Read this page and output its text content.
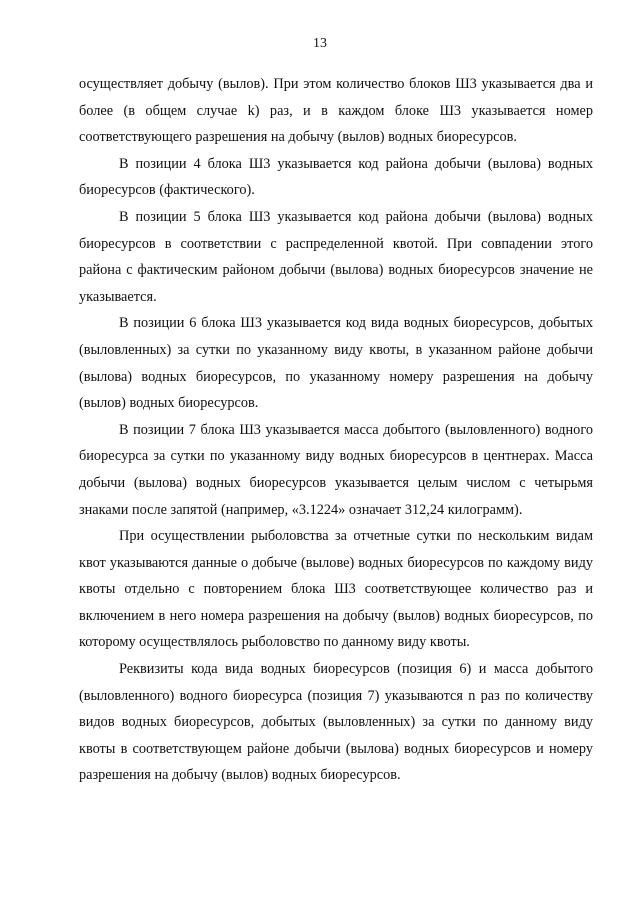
13

осуществляет добычу (вылов). При этом количество блоков Ш3 указывается два и более (в общем случае k) раз, и в каждом блоке Ш3 указывается номер соответствующего разрешения на добычу (вылов) водных биоресурсов.

В позиции 4 блока Ш3 указывается код района добычи (вылова) водных биоресурсов (фактического).

В позиции 5 блока Ш3 указывается код района добычи (вылова) водных биоресурсов в соответствии с распределенной квотой. При совпадении этого района с фактическим районом добычи (вылова) водных биоресурсов значение не указывается.

В позиции 6 блока Ш3 указывается код вида водных биоресурсов, добытых (выловленных) за сутки по указанному виду квоты, в указанном районе добычи (вылова) водных биоресурсов, по указанному номеру разрешения на добычу (вылов) водных биоресурсов.

В позиции 7 блока Ш3 указывается масса добытого (выловленного) водного биоресурса за сутки по указанному виду водных биоресурсов в центнерах. Масса добычи (вылова) водных биоресурсов указывается целым числом с четырьмя знаками после запятой (например, «3.1224» означает 312,24 килограмм).

При осуществлении рыболовства за отчетные сутки по нескольким видам квот указываются данные о добыче (вылове) водных биоресурсов по каждому виду квоты отдельно с повторением блока Ш3 соответствующее количество раз и включением в него номера разрешения на добычу (вылов) водных биоресурсов, по которому осуществлялось рыболовство по данному виду квоты.

Реквизиты кода вида водных биоресурсов (позиция 6) и масса добытого (выловленного) водного биоресурса (позиция 7) указываются n раз по количеству видов водных биоресурсов, добытых (выловленных) за сутки по данному виду квоты в соответствующем районе добычи (вылова) водных биоресурсов и номеру разрешения на добычу (вылов) водных биоресурсов.
